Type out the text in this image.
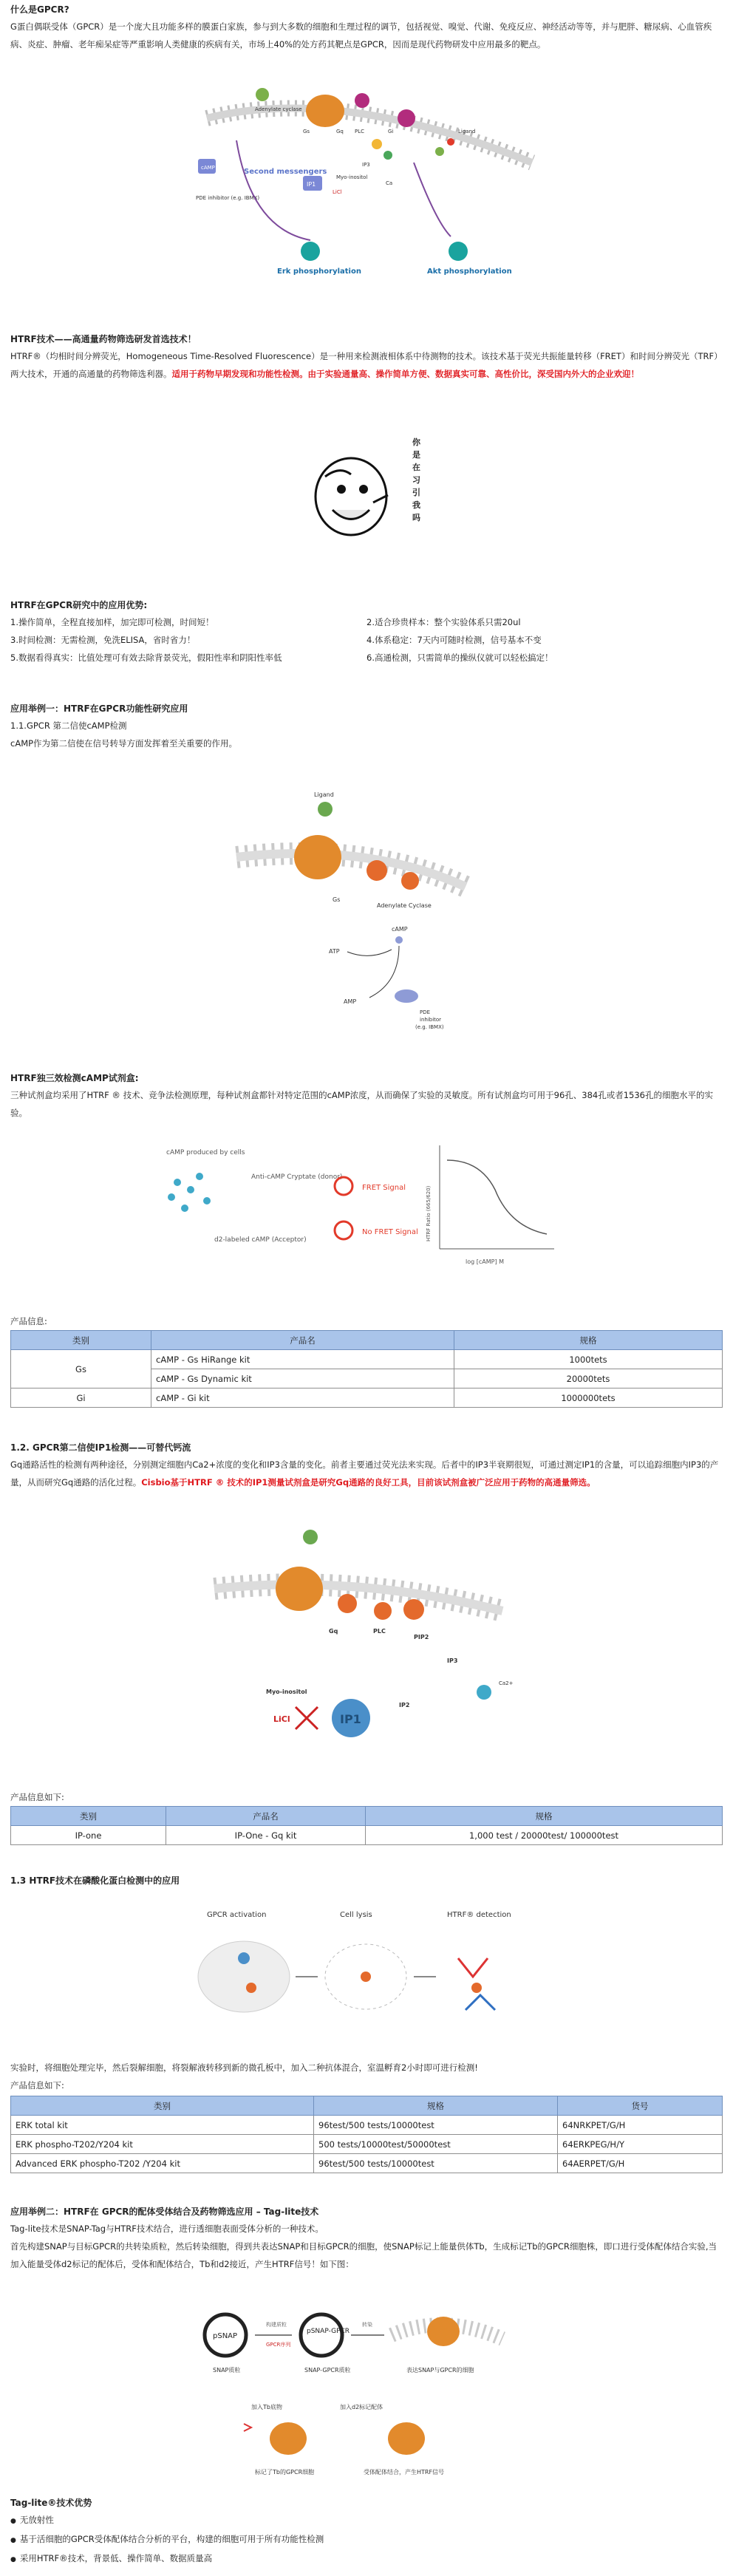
什么是GPCR?
G蛋白偶联受体（GPCR）是一个庞大且功能多样的膜蛋白家族，参与到大多数的细胞和生理过程的调节，包括视觉、嗅觉、代谢、免疫反应、神经活动等等，并与肥胖、糖尿病、心血管疾病、炎症、肿瘤、老年痴呆症等严重影响人类健康的疾病有关，市场上40%的处方药其靶点是GPCR，因而是现代药物研发中应用最多的靶点。
Adenylate cyclase
Gs	Gq PLC	Gi	Ligand
cAMP
IP1
Myo-inositol
LiCl
IP3
Ca
Second messengers
PDE inhibitor (e.g. IBMX)
Erk phosphorylation	Akt phosphorylation
HTRF技术——高通量药物筛选研发首选技术！
HTRF®（均相时间分辨荧光，Homogeneous Time-Resolved Fluorescence）是一种用来检测液相体系中待测物的技术。该技术基于荧光共振能量转移（FRET）和时间分辨荧光（TRF）两大技术，开通的高通量的药物筛选利器。适用于药物早期发现和功能性检测。由于实验通量高、操作简单方便、数据真实可靠、高性价比，深受国内外大的企业欢迎！
你是在习引我吗
HTRF在GPCR研究中的应用优势:
1.操作简单，全程直接加样，加完即可检测，时间短！	2.适合珍贵样本：整个实验体系只需20ul
3.时间检测：无需检测，免洗ELISA，省时省力！	4.体系稳定：7天内可随时检测，信号基本不变
5.数据看得真实：比值处理可有效去除背景荧光，假阳性率和阴阳性率低	6.高通检测，只需简单的操纵仪就可以轻松搞定！
应用举例一：HTRF在GPCR功能性研究应用
1.1.GPCR 第二信使cAMP检测
cAMP作为第二信使在信号转导方面发挥着至关重要的作用。
Ligand
Gs
Adenylate Cyclase
ATP
cAMP
AMP
PDE
inhibitor
(e.g. IBMX)
HTRF独三效检测cAMP试剂盒:
三种试剂盒均采用了HTRF ® 技术、竞争法检测原理，每种试剂盒都针对特定范围的cAMP浓度，从而确保了实验的灵敏度。所有试剂盒均可用于96孔、384孔或者1536孔的细胞水平的实验。
cAMP produced by cells
Anti-cAMP Cryptate (donor)
d2-labeled cAMP (Acceptor)
FRET Signal
No FRET Signal HTRF Ratio (665/620)
log [cAMP] M
产品信息:
类别	产品名	规格
Gs	cAMP - Gs HiRange kit	1000tets
	cAMP - Gs Dynamic kit	20000tets
Gi	cAMP - Gi kit	1000000tets
1.2. GPCR第二信使IP1检测——可替代钙流
Gq通路活性的检测有两种途径，分别测定细胞内Ca2+浓度的变化和IP3含量的变化。前者主要通过荧光法来实现。后者中的IP3半衰期很短，可通过测定IP1的含量，可以追踪细胞内IP3的产量，从而研究Gq通路的活化过程。Cisbio基于HTRF ® 技术的IP1测量试剂盒是研究Gq通路的良好工具，目前该试剂盒被广泛应用于药物的高通量筛选。
Gq	PLC
PIP2
IP3
Ca2+
IP2
Myo-inositol
LiCl	IP1
产品信息如下:
类别	产品名	规格
IP-one	IP-One - Gq kit	1,000 test / 20000test/ 100000test
1.3 HTRF技术在磷酸化蛋白检测中的应用
GPCR activation	Cell lysis	HTRF® detection
实验时，将细胞处理完毕，然后裂解细胞，将裂解液转移到新的微孔板中，加入二种抗体混合，室温孵育2小时即可进行检测!
产品信息如下:
类别	规格	货号
ERK total kit	96test/500 tests/10000test	64NRKPET/G/H
ERK phospho-T202/Y204 kit	500 tests/10000test/50000test	64ERKPEG/H/Y
Advanced ERK phospho-T202 /Y204 kit	96test/500 tests/10000test	64AERPET/G/H
应用举例二：HTRF在 GPCR的配体受体结合及药物筛选应用 – Tag-lite技术
Tag-lite技术是SNAP-Tag与HTRF技术结合，进行透细胞表面受体分析的一种技术。
首先构建SNAP与目标GPCR的共转染质粒，然后转染细胞，得到共表达SNAP和目标GPCR的细胞，使SNAP标记上能量供体Tb，生成标记Tb的GPCR细胞株，即口进行受体配体结合实验,当加入能量受体d2标记的配体后，受体和配体结合，Tb和d2接近，产生HTRF信号！如下图：
pSNAP
SNAP质粒
构建质粒
GPCR序列
pSNAP-GPCR
SNAP-GPCR质粒
转染
表达SNAP与GPCR的细胞
加入Tb底物	加入d2标记配体
标记了Tb的GPCR细胞	受体配体结合，产生HTRF信号
Tag-lite®技术优势
● 无放射性
● 基于活细胞的GPCR受体配体结合分析的平台，构建的细胞可用于所有功能性检测
● 采用HTRF®技术，背景低、操作简单、数据质量高
